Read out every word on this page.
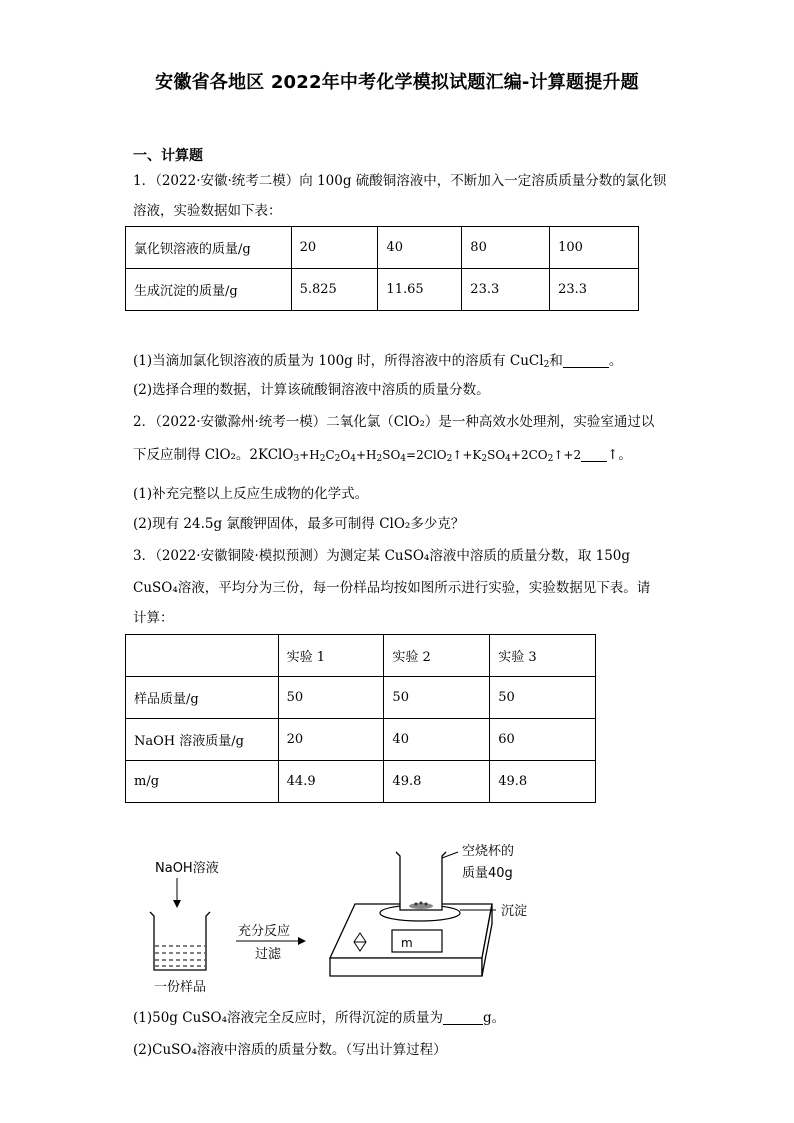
安徽省各地区 2022年中考化学模拟试题汇编-计算题提升题
一、计算题
1．（2022·安徽·统考二模）向 100g 硫酸铜溶液中，不断加入一定溶质质量分数的氯化钡
溶液，实验数据如下表：
氯化钡溶液的质量/g	20	40	80	100
生成沉淀的质量/g	5.825	11.65	23.3	23.3
(1)当滴加氯化钡溶液的质量为 100g 时，所得溶液中的溶质有 CuCl$_2$和	。
(2)选择合理的数据，计算该硫酸铜溶液中溶质的质量分数。
2．（2022·安徽滁州·统考一模）二氧化氯（ClO₂）是一种高效水处理剂，实验室通过以
下反应制得 ClO₂。$2KClO_3+H_2C_2O_4+H_2SO_4=2ClO_2↑+K_2SO_4+2CO_2↑+2$ ↑。
(1)补充完整以上反应生成物的化学式。
(2)现有 24.5g 氯酸钾固体，最多可制得 ClO₂多少克？
3．（2022·安徽铜陵·模拟预测）为测定某 CuSO₄溶液中溶质的质量分数，取 150g
CuSO₄溶液，平均分为三份，每一份样品均按如图所示进行实验，实验数据见下表。请
计算：
	实验 1	实验 2	实验 3
样品质量/g	50	50	50
NaOH 溶液质量/g	20	40	60
m/g	44.9	49.8	49.8
NaOH溶液
一份样品
充分反应
过滤
m
空烧杯的
质量40g
沉淀
(1)50g CuSO₄溶液完全反应时，所得沉淀的质量为	g。
(2)CuSO₄溶液中溶质的质量分数。（写出计算过程）
